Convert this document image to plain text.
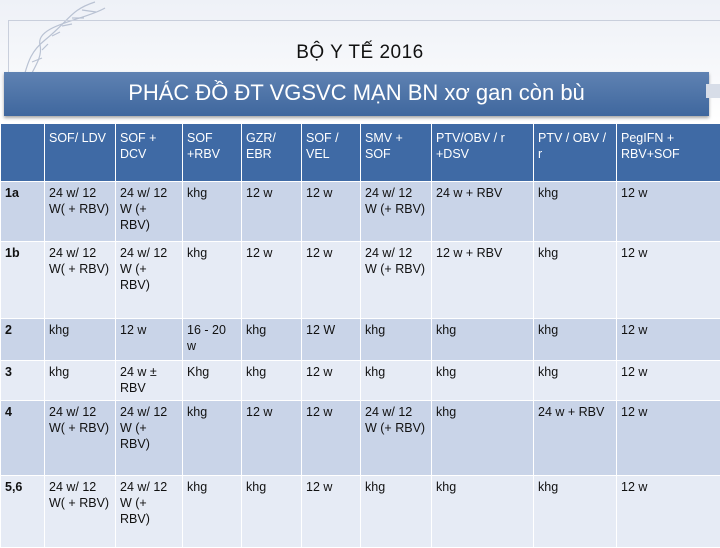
BỘ Y TẾ 2016
PHÁC ĐỒ ĐT VGSVC MẠN BN xơ gan còn bù
	SOF/ LDV	SOF + DCV	SOF +RBV	GZR/ EBR	SOF / VEL	SMV + SOF	PTV/OBV / r +DSV	PTV / OBV / r	PegIFN + RBV+SOF
1a	24 w/ 12 W( + RBV)	24 w/ 12 W (+ RBV)	khg	12 w	12 w	24 w/ 12 W (+ RBV)	24 w + RBV	khg	12 w
1b	24 w/ 12 W( + RBV)	24 w/ 12 W (+ RBV)	khg	12 w	12 w	24 w/ 12 W (+ RBV)	12 w + RBV	khg	12 w
2	khg	12 w	16 - 20 w	khg	12 W	khg	khg	khg	12 w
3	khg	24 w ± RBV	Khg	khg	12 w	khg	khg	khg	12 w
4	24 w/ 12 W( + RBV)	24 w/ 12 W (+ RBV)	khg	12 w	12 w	24 w/ 12 W (+ RBV)	khg	24 w + RBV	12 w
5,6	24 w/ 12 W( + RBV)	24 w/ 12 W (+ RBV)	khg	khg	12 w	khg	khg	khg	12 w
